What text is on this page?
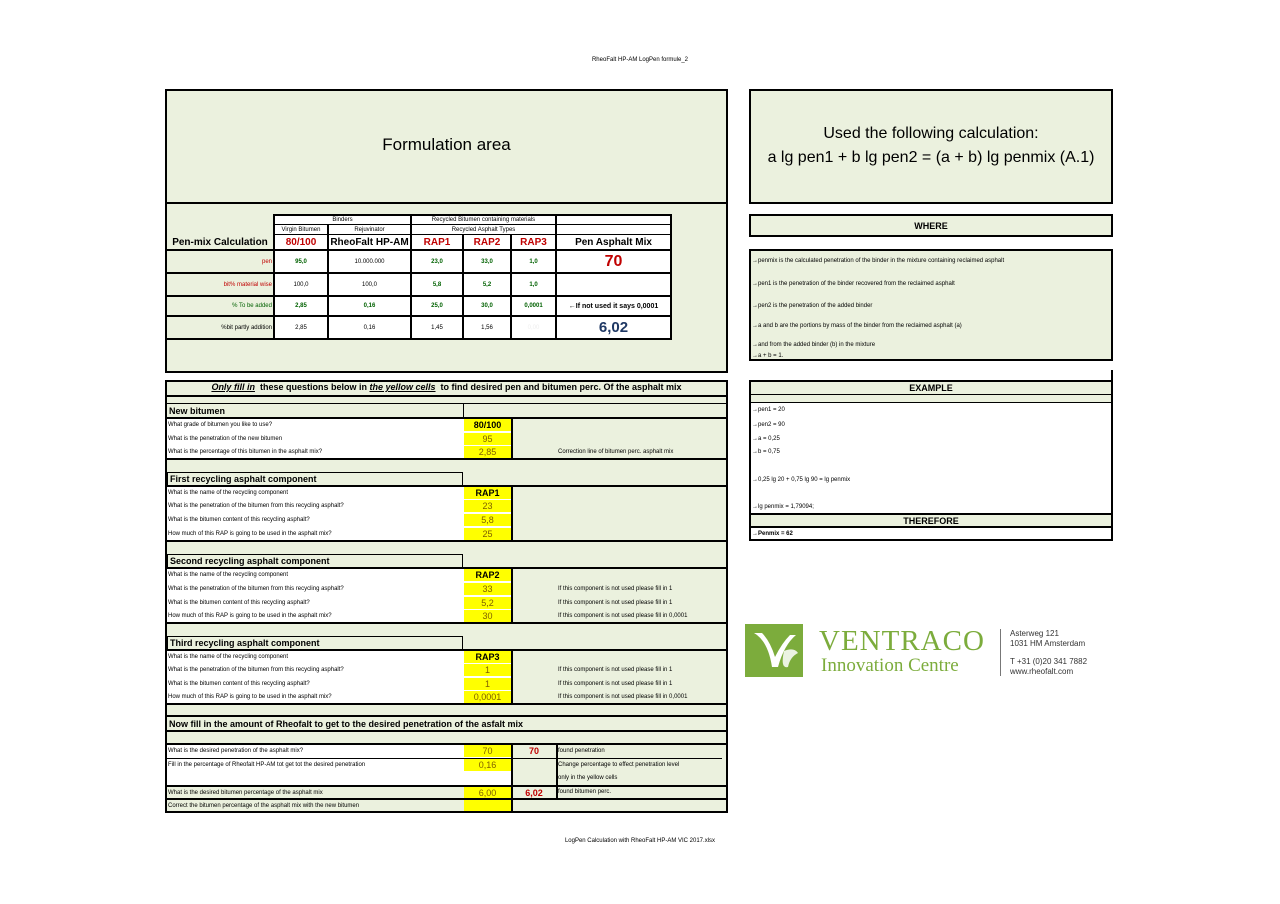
RheoFalt HP-AM LogPen formule_2
LogPen Calculation with RheoFalt HP-AM VIC 2017.xlsx
Formulation area
Binders	Recycled Bitumen containing materials
Virgin Bitumen	Rejuvinator	Recycled Asphalt Types
Pen-mix Calculation	80/100	RheoFalt HP-AM	RAP1	RAP2	RAP3	Pen Asphalt Mix
pen	95,0	10.000.000	23,0	33,0	1,0	70
bit% material wise	100,0	100,0	5,8	5,2	1,0
% To be added	2,85	0,16	25,0	30,0	0,0001	←If not used it says 0,0001
%bit partly addition	2,85	0,16	1,45	1,56	0,00	6,02
Used the following calculation:
a lg pen1 + b lg pen2 = (a + b) lg penmix (A.1)
WHERE
→penmix is the calculated penetration of the binder in the mixture containing reclaimed asphalt
→pen1 is the penetration of the binder recovered from the reclaimed asphalt
→pen2 is the penetration of the added binder
→a and b are the portions by mass of the binder from the reclaimed asphalt (a)
→and from the added binder (b) in the mixture
→a + b = 1.
EXAMPLE
→pen1 = 20
→pen2 = 90
→a = 0,25
→b = 0,75
→0,25 lg 20 + 0,75 lg 90 = lg penmix
→lg penmix = 1,79094;
THEREFORE
→Penmix = 62
VENTRACO
Innovation Centre
Asterweg 121
1031 HM Amsterdam
T +31 (0)20 341 7882
www.rheofalt.com
Only fill in  these questions below in the yellow cells  to find desired pen and bitumen perc. Of the asphalt mix
New bitumen
What grade of bitumen you like to use?	80/100
What is the penetration of the new bitumen	95
What is the percentage of this bitumen in the asphalt mix?	2,85	Correction line of bitumen perc. asphalt mix
First recycling asphalt component
What is the name of the recycling component	RAP1
What is the penetration of the bitumen from this recycling asphalt?	23
What is the bitumen content of this recycling asphalt?	5,8
How much of this RAP is going to be used in the asphalt mix?	25
Second recycling asphalt component
What is the name of the recycling component	RAP2
What is the penetration of the bitumen from this recycling asphalt?	33	If this component is not used please fill in 1
What is the bitumen content of this recycling asphalt?	5,2	If this component is not used please fill in 1
How much of this RAP is going to be used in the asphalt mix?	30	If this component is not used please fill in 0,0001
Third recycling asphalt component
What is the name of the recycling component	RAP3
What is the penetration of the bitumen from this recycling asphalt?	1	If this component is not used please fill in 1
What is the bitumen content of this recycling asphalt?	1	If this component is not used please fill in 1
How much of this RAP is going to be used in the asphalt mix?	0,0001	If this component is not used please fill in 0,0001
Now fill in the amount of Rheofalt to get to the desired penetration of the asfalt mix
What is the desired penetration of the asphalt mix?	70	70	found penetration
Fill in the percentage of Rheofalt HP-AM tot get tot the desired penetration	0,16	Change percentage to effect penetration level
only in the yellow cells
What is the desired bitumen percentage of the asphalt mix	6,00	6,02	found bitumen perc.
Correct the bitumen percentage of the asphalt mix with the new bitumen
